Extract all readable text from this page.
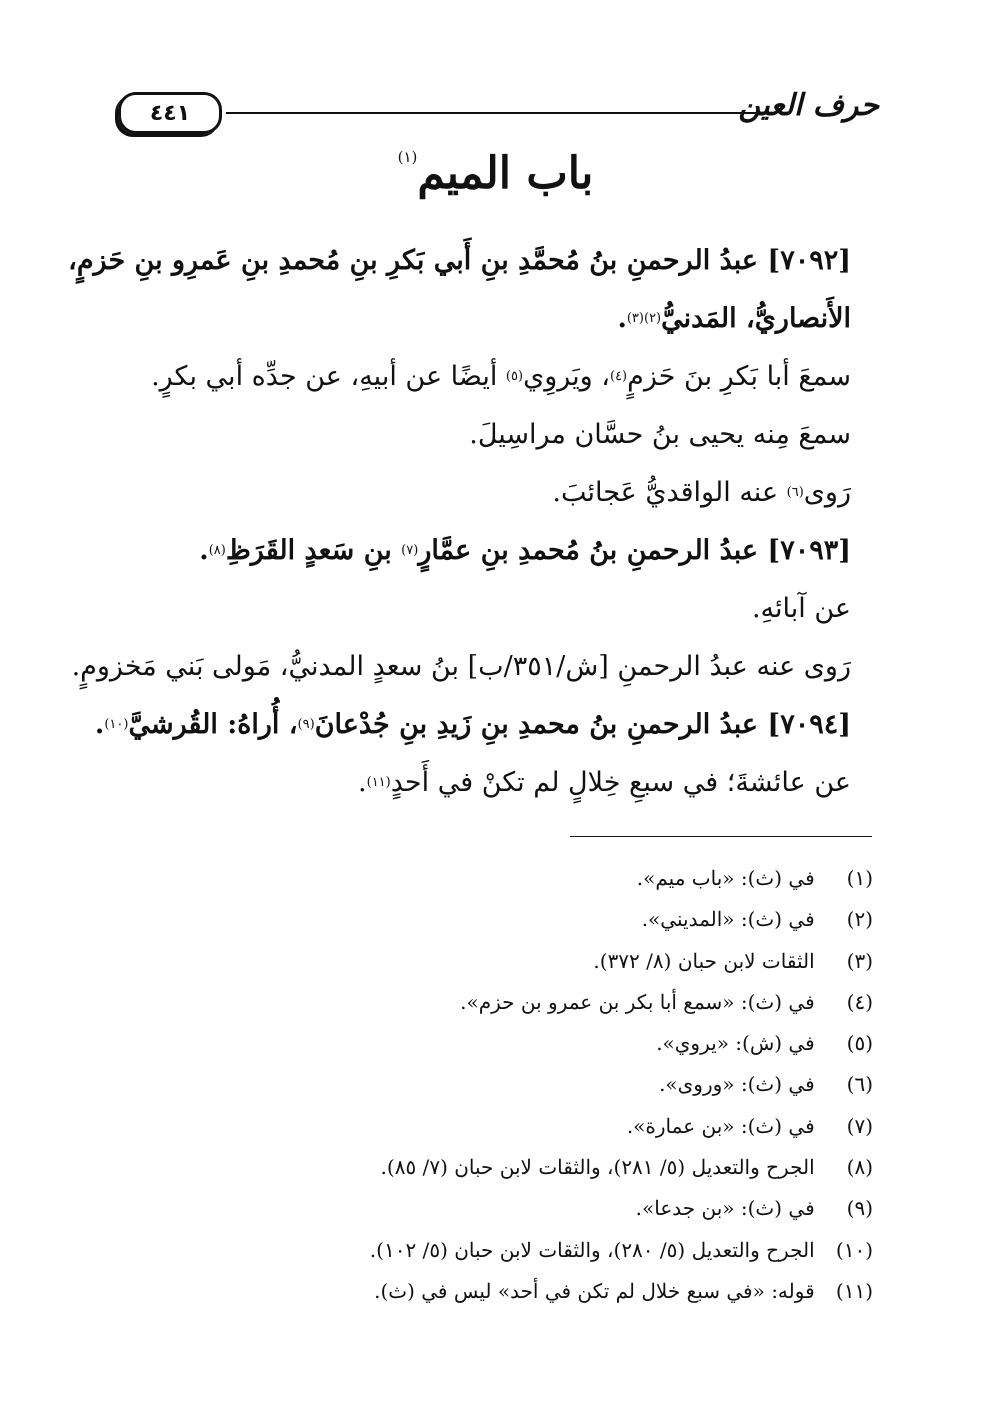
٤٤١	حرف العين
باب الميم$^{(١)}$
[٧٠٩٢] عبدُ الرحمنِ بنُ مُحمَّدِ بنِ أَبي بَكرِ بنِ مُحمدِ بنِ عَمرِو بنِ حَزمٍ،
الأَنصاريُّ، المَدنيُّ$^{(٢)(٣)}$.
سمعَ أبا بَكرِ بنَ حَزمٍ$^{(٤)}$، ويَروِي$^{(٥)}$ أيضًا عن أبيهِ، عن جدِّه أبي بكرٍ.
سمعَ مِنه يحيى بنُ حسَّان مراسِيلَ.
رَوى$^{(٦)}$ عنه الواقديُّ عَجائبَ.
[٧٠٩٣] عبدُ الرحمنِ بنُ مُحمدِ بنِ عمَّارٍ$^{(٧)}$ بنِ سَعدٍ القَرَظِ$^{(٨)}$.
عن آبائهِ.
رَوى عنه عبدُ الرحمنِ [ش/٣٥١/ب] بنُ سعدٍ المدنيُّ، مَولى بَني مَخزومٍ.
[٧٠٩٤] عبدُ الرحمنِ بنُ محمدِ بنِ زَيدِ بنِ جُدْعانَ$^{(٩)}$، أُراهُ: القُرشيَّ$^{(١٠)}$.
عن عائشةَ؛ في سبعِ خِلالٍ لم تكنْ في أَحدٍ$^{(١١)}$.
(١) في (ث): «باب ميم».
(٢) في (ث): «المديني».
(٣) الثقات لابن حبان (٨/ ٣٧٢).
(٤) في (ث): «سمع أبا بكر بن عمرو بن حزم».
(٥) في (ش): «يروي».
(٦) في (ث): «وروى».
(٧) في (ث): «بن عمارة».
(٨) الجرح والتعديل (٥/ ٢٨١)، والثقات لابن حبان (٧/ ٨٥).
(٩) في (ث): «بن جدعا».
(١٠) الجرح والتعديل (٥/ ٢٨٠)، والثقات لابن حبان (٥/ ١٠٢).
(١١) قوله: «في سبع خلال لم تكن في أحد» ليس في (ث).
